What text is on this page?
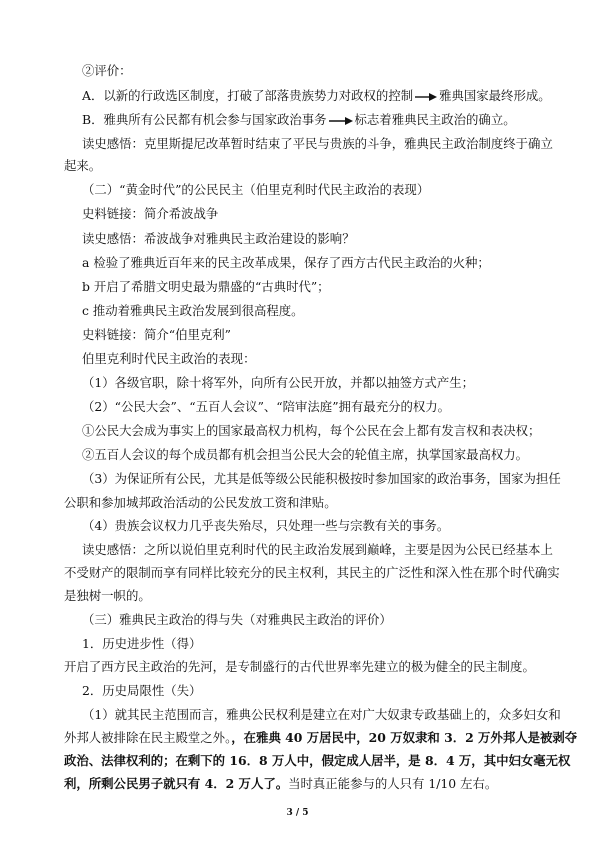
②评价：
A．以新的行政选区制度，打破了部落贵族势力对政权的控制 雅典国家最终形成。
B．雅典所有公民都有机会参与国家政治事务 标志着雅典民主政治的确立。
读史感悟：克里斯提尼改革暂时结束了平民与贵族的斗争，雅典民主政治制度终于确立
起来。
（二）“黄金时代”的公民民主（伯里克利时代民主政治的表现）
史料链接：简介希波战争
读史感悟：希波战争对雅典民主政治建设的影响？
a 检验了雅典近百年来的民主改革成果，保存了西方古代民主政治的火种；
b 开启了希腊文明史最为鼎盛的“古典时代”；
c 推动着雅典民主政治发展到很高程度。
史料链接：简介“伯里克利”
伯里克利时代民主政治的表现：
（1）各级官职，除十将军外，向所有公民开放，并都以抽签方式产生；
（2）“公民大会”、“五百人会议”、“陪审法庭”拥有最充分的权力。
①公民大会成为事实上的国家最高权力机构，每个公民在会上都有发言权和表决权；
②五百人会议的每个成员都有机会担当公民大会的轮值主席，执掌国家最高权力。
（3）为保证所有公民，尤其是低等级公民能积极按时参加国家的政治事务，国家为担任
公职和参加城邦政治活动的公民发放工资和津贴。
（4）贵族会议权力几乎丧失殆尽，只处理一些与宗教有关的事务。
读史感悟：之所以说伯里克利时代的民主政治发展到巅峰，主要是因为公民已经基本上
不受财产的限制而享有同样比较充分的民主权利，其民主的广泛性和深入性在那个时代确实
是独树一帜的。
（三）雅典民主政治的得与失（对雅典民主政治的评价）
1．历史进步性（得）
开启了西方民主政治的先河，是专制盛行的古代世界率先建立的极为健全的民主制度。
2．历史局限性（失）
（1）就其民主范围而言，雅典公民权利是建立在对广大奴隶专政基础上的，众多妇女和
外邦人被排除在民主殿堂之外。，在雅典 40 万居民中，20 万奴隶和 3．2 万外邦人是被剥夺
政治、法律权利的；在剩下的 16．8 万人中，假定成人居半，是 8．4 万，其中妇女毫无权
利，所剩公民男子就只有 4．2 万人了。当时真正能参与的人只有 1/10 左右。
3 / 5
